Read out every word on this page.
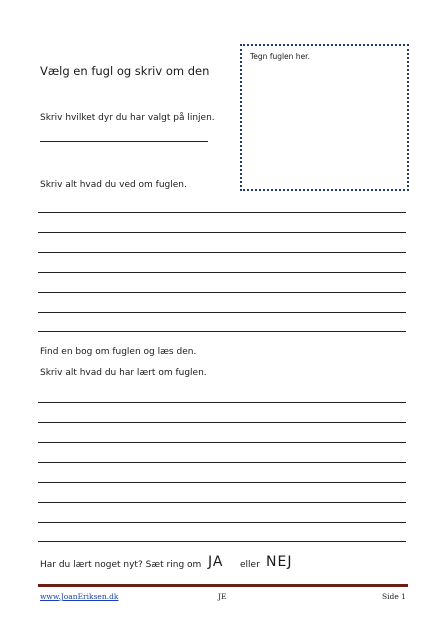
Vælg en fugl og skriv om den
Tegn fuglen her.
Skriv hvilket dyr du har valgt på linjen.
Skriv alt hvad du ved om fuglen.
Find en bog om fuglen og læs den.
Skriv alt hvad du har lært om fuglen.
Har du lært noget nyt? Sæt ring om JA eller NEJ
www.JoanEriksen.dk	JE	Side 1
